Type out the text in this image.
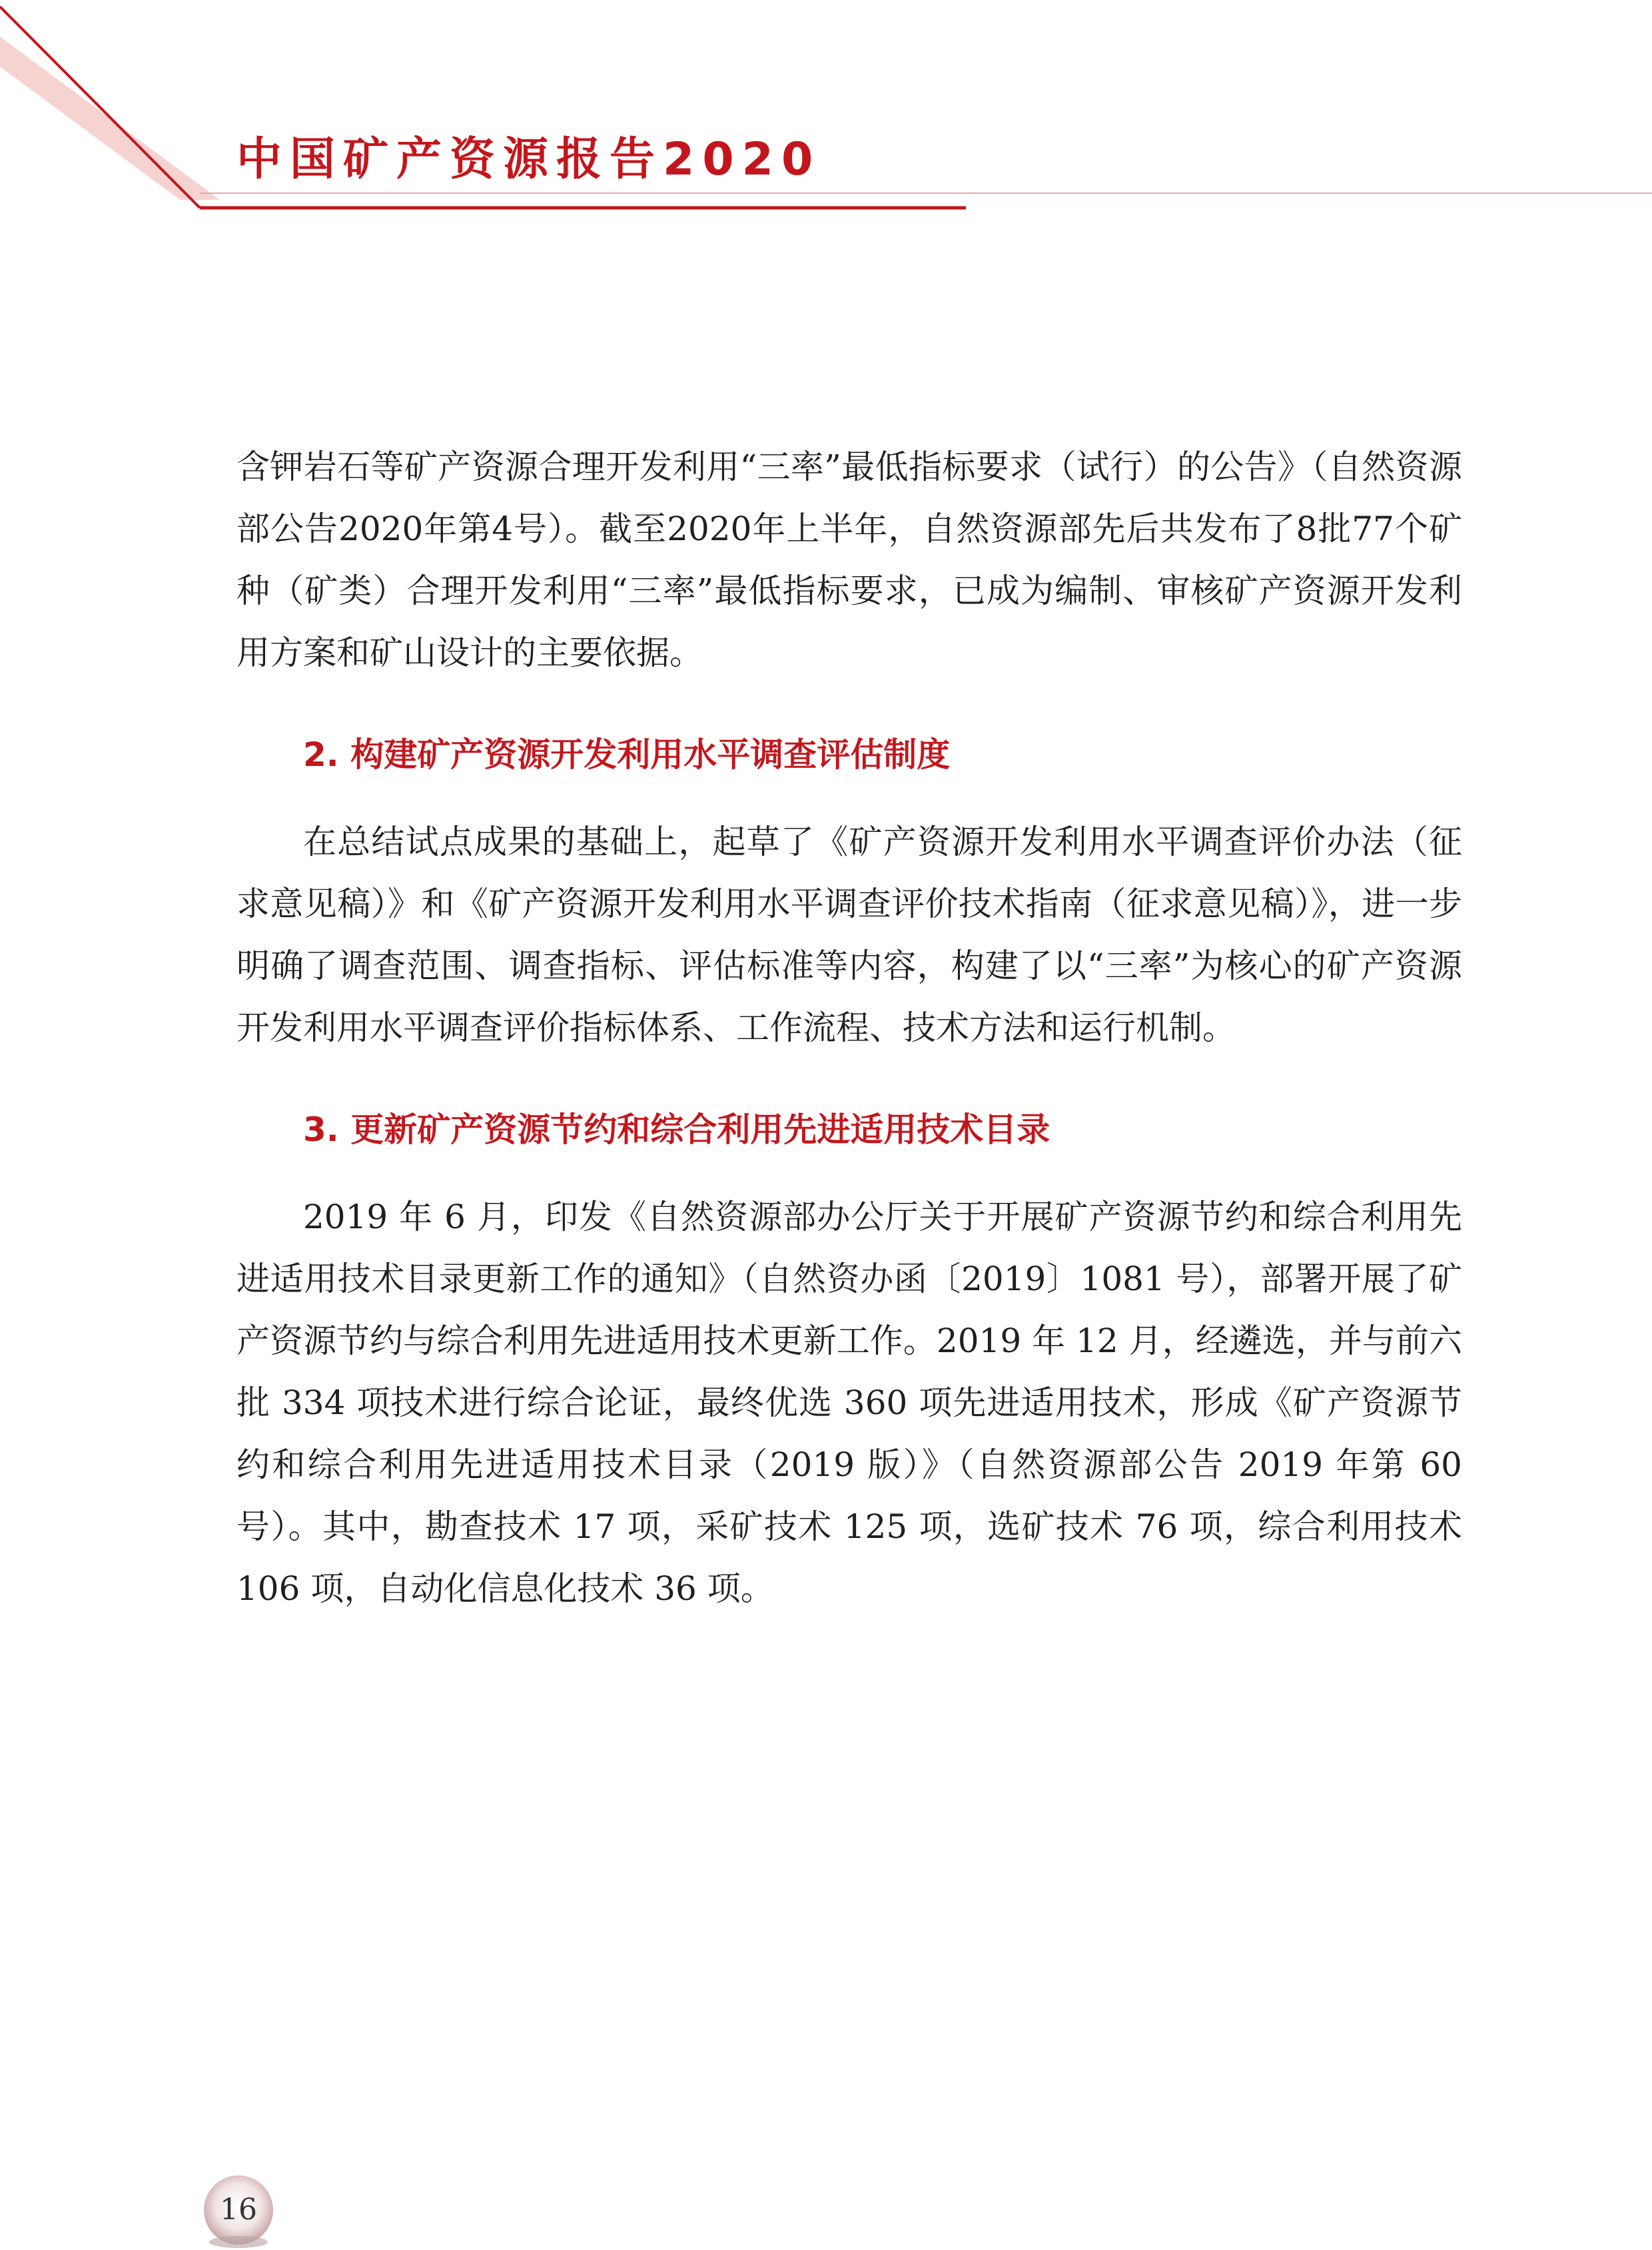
中国矿产资源报告2020

含钾岩石等矿产资源合理开发利用“三率”最低指标要求（试行）的公告》（自然资源部公告2020年第4号）。截至2020年上半年，自然资源部先后共发布了8批77个矿种（矿类）合理开发利用“三率”最低指标要求，已成为编制、审核矿产资源开发利用方案和矿山设计的主要依据。

2. 构建矿产资源开发利用水平调查评估制度

在总结试点成果的基础上，起草了《矿产资源开发利用水平调查评价办法（征求意见稿）》和《矿产资源开发利用水平调查评价技术指南（征求意见稿）》，进一步明确了调查范围、调查指标、评估标准等内容，构建了以“三率”为核心的矿产资源开发利用水平调查评价指标体系、工作流程、技术方法和运行机制。

3. 更新矿产资源节约和综合利用先进适用技术目录

2019 年 6 月，印发《自然资源部办公厅关于开展矿产资源节约和综合利用先进适用技术目录更新工作的通知》（自然资办函〔2019〕1081 号），部署开展了矿产资源节约与综合利用先进适用技术更新工作。2019 年 12 月，经遴选，并与前六批 334 项技术进行综合论证，最终优选 360 项先进适用技术，形成《矿产资源节约和综合利用先进适用技术目录（2019 版）》（自然资源部公告 2019 年第 60 号）。其中，勘查技术 17 项，采矿技术 125 项，选矿技术 76 项，综合利用技术 106 项，自动化信息化技术 36 项。

16
